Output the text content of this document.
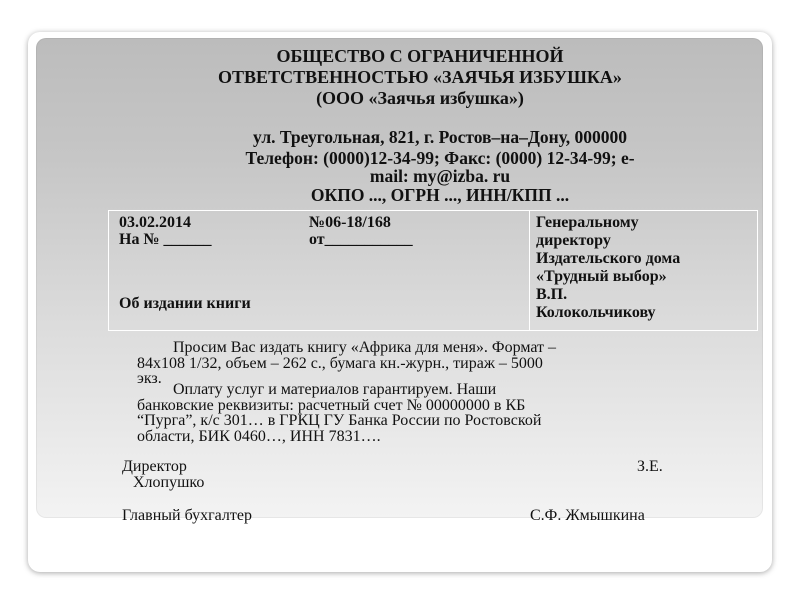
ОБЩЕСТВО С ОГРАНИЧЕННОЙ
ОТВЕТСТВЕННОСТЬЮ «ЗАЯЧЬЯ ИЗБУШКА»
(ООО «Заячья избушка»)
ул. Треугольная, 821, г. Ростов–на–Дону, 000000
Телефон: (0000)12-34-99; Факс: (0000) 12-34-99; e-
mail: my@izba. ru
ОКПО ..., ОГРН ..., ИНН/КПП ...
03.02.2014	№06-18/168
На № ______	от___________
Об издании книги
Генеральному
директору
Издательского дома
«Трудный выбор»
В.П.
Колокольчикову
Просим Вас издать книгу «Африка для меня». Формат –
84x108 1/32, объем – 262 с., бумага кн.-журн., тираж – 5000
экз.
Оплату услуг и материалов гарантируем. Наши
банковские реквизиты: расчетный счет № 00000000 в КБ
“Пурга”, к/с 301… в ГРКЦ ГУ Банка России по Ростовской
области, БИК 0460…, ИНН 7831….
Директор	З.Е.
Хлопушко
Главный бухгалтер	С.Ф. Жмышкина
